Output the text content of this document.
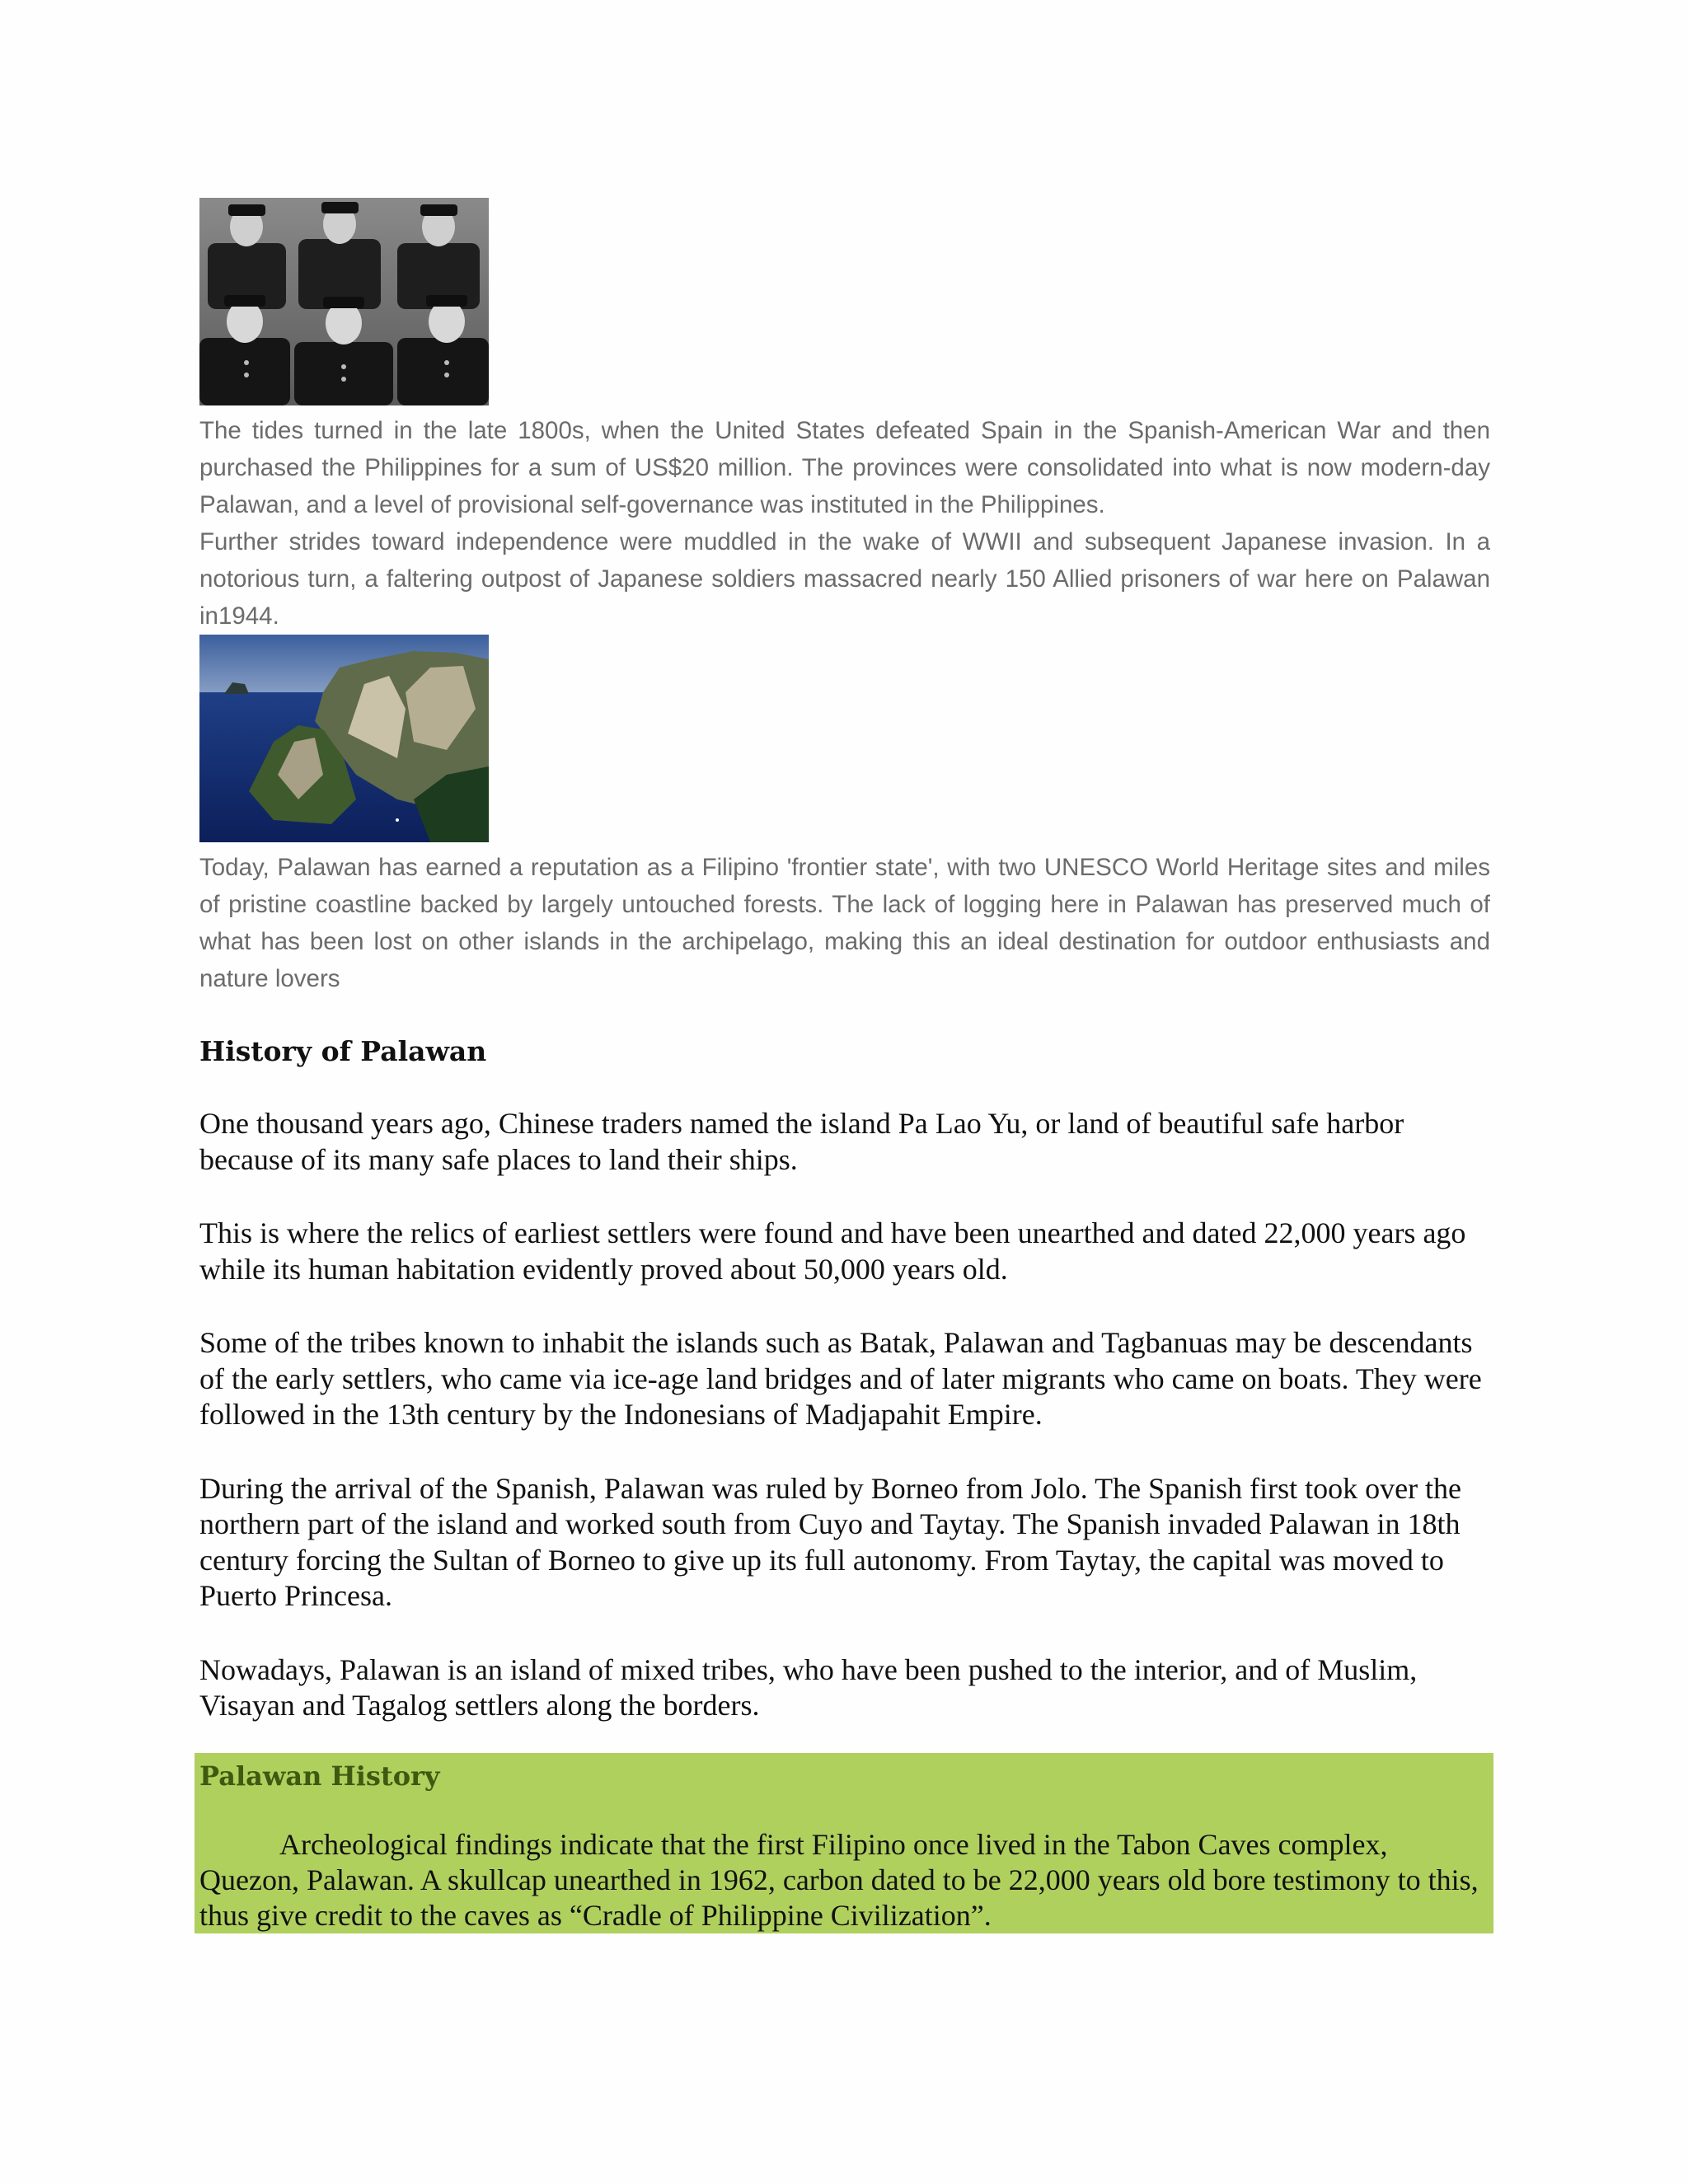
The tides turned in the late 1800s, when the United States defeated Spain in the Spanish-American War and then purchased the Philippines for a sum of US$20 million. The provinces were consolidated into what is now modern-day Palawan, and a level of provisional self-governance was instituted in the Philippines.

Further strides toward independence were muddled in the wake of WWII and subsequent Japanese invasion. In a notorious turn, a faltering outpost of Japanese soldiers massacred nearly 150 Allied prisoners of war here on Palawan in1944.

Today, Palawan has earned a reputation as a Filipino 'frontier state', with two UNESCO World Heritage sites and miles of pristine coastline backed by largely untouched forests. The lack of logging here in Palawan has preserved much of what has been lost on other islands in the archipelago, making this an ideal destination for outdoor enthusiasts and nature lovers

History of Palawan

One thousand years ago, Chinese traders named the island Pa Lao Yu, or land of beautiful safe harbor because of its many safe places to land their ships.

This is where the relics of earliest settlers were found and have been unearthed and dated 22,000 years ago while its human habitation evidently proved about 50,000 years old.

Some of the tribes known to inhabit the islands such as Batak, Palawan and Tagbanuas may be descendants of the early settlers, who came via ice-age land bridges and of later migrants who came on boats. They were followed in the 13th century by the Indonesians of Madjapahit Empire.

During the arrival of the Spanish, Palawan was ruled by Borneo from Jolo. The Spanish first took over the northern part of the island and worked south from Cuyo and Taytay. The Spanish invaded Palawan in 18th century forcing the Sultan of Borneo to give up its full autonomy. From Taytay, the capital was moved to Puerto Princesa.

Nowadays, Palawan is an island of mixed tribes, who have been pushed to the interior, and of Muslim, Visayan and Tagalog settlers along the borders.

Palawan History

Archeological findings indicate that the first Filipino once lived in the Tabon Caves complex, Quezon, Palawan. A skullcap unearthed in 1962, carbon dated to be 22,000 years old bore testimony to this, thus give credit to the caves as “Cradle of Philippine Civilization”.
